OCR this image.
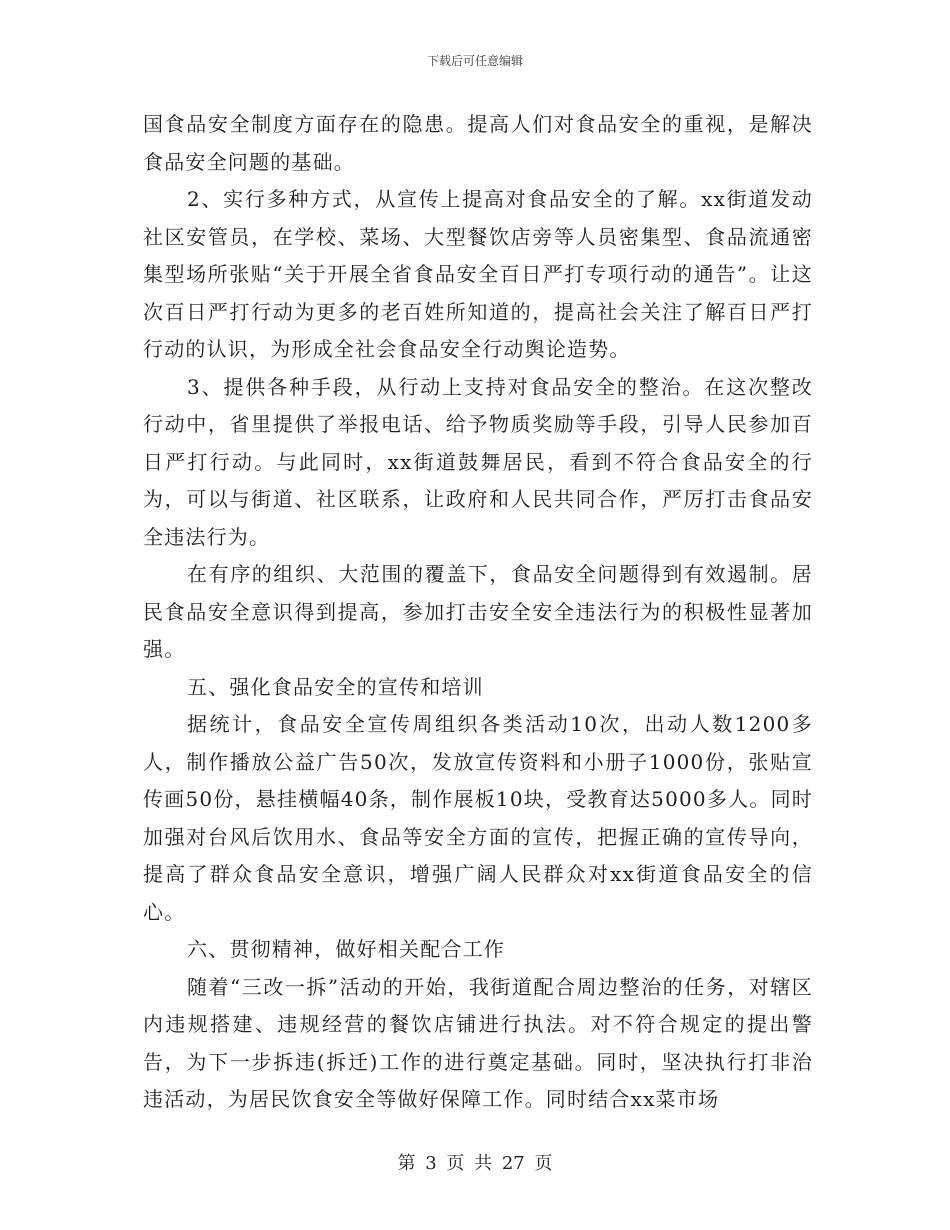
下载后可任意编辑

国食品安全制度方面存在的隐患。提高人们对食品安全的重视，是解决食品安全问题的基础。

2、实行多种方式，从宣传上提高对食品安全的了解。xx街道发动社区安管员，在学校、菜场、大型餐饮店旁等人员密集型、食品流通密集型场所张贴“关于开展全省食品安全百日严打专项行动的通告”。让这次百日严打行动为更多的老百姓所知道的，提高社会关注了解百日严打行动的认识，为形成全社会食品安全行动舆论造势。

3、提供各种手段，从行动上支持对食品安全的整治。在这次整改行动中，省里提供了举报电话、给予物质奖励等手段，引导人民参加百日严打行动。与此同时，xx街道鼓舞居民，看到不符合食品安全的行为，可以与街道、社区联系，让政府和人民共同合作，严厉打击食品安全违法行为。

在有序的组织、大范围的覆盖下，食品安全问题得到有效遏制。居民食品安全意识得到提高，参加打击安全安全违法行为的积极性显著加强。

五、强化食品安全的宣传和培训

据统计，食品安全宣传周组织各类活动10次，出动人数1200多人，制作播放公益广告50次，发放宣传资料和小册子1000份，张贴宣传画50份，悬挂横幅40条，制作展板10块，受教育达5000多人。同时加强对台风后饮用水、食品等安全方面的宣传，把握正确的宣传导向，提高了群众食品安全意识，增强广阔人民群众对xx街道食品安全的信心。

六、贯彻精神，做好相关配合工作

随着“三改一拆”活动的开始，我街道配合周边整治的任务，对辖区内违规搭建、违规经营的餐饮店铺进行执法。对不符合规定的提出警告，为下一步拆违(拆迁)工作的进行奠定基础。同时，坚决执行打非治违活动，为居民饮食安全等做好保障工作。同时结合xx菜市场

第 3 页 共 27 页
